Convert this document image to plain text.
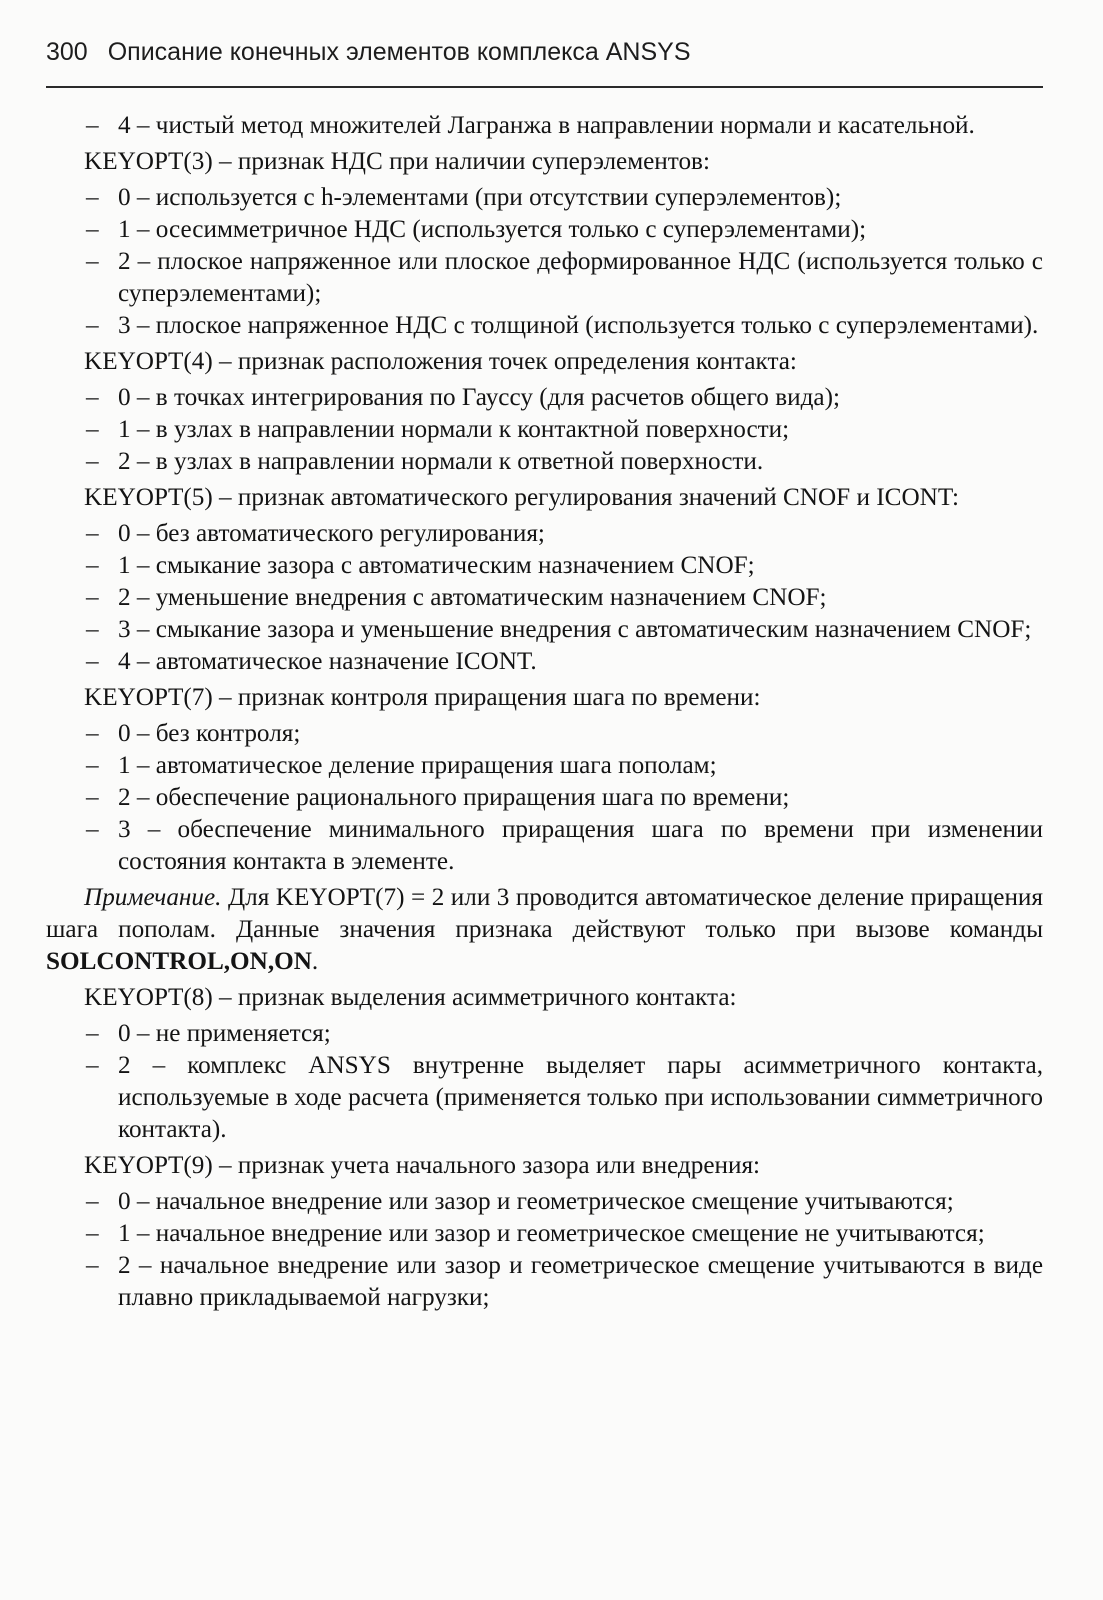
300 Описание конечных элементов комплекса ANSYS
– 4 – чистый метод множителей Лагранжа в направлении нормали и касательной.

KEYOPT(3) – признак НДС при наличии суперэлементов:

– 0 – используется с h-элементами (при отсутствии суперэлементов);
– 1 – осесимметричное НДС (используется только с суперэлементами);
– 2 – плоское напряженное или плоское деформированное НДС (используется только с суперэлементами);
– 3 – плоское напряженное НДС с толщиной (используется только с суперэлементами).

KEYOPT(4) – признак расположения точек определения контакта:

– 0 – в точках интегрирования по Гауссу (для расчетов общего вида);
– 1 – в узлах в направлении нормали к контактной поверхности;
– 2 – в узлах в направлении нормали к ответной поверхности.

KEYOPT(5) – признак автоматического регулирования значений CNOF и ICONT:

– 0 – без автоматического регулирования;
– 1 – смыкание зазора с автоматическим назначением CNOF;
– 2 – уменьшение внедрения с автоматическим назначением CNOF;
– 3 – смыкание зазора и уменьшение внедрения с автоматическим назначением CNOF;
– 4 – автоматическое назначение ICONT.

KEYOPT(7) – признак контроля приращения шага по времени:

– 0 – без контроля;
– 1 – автоматическое деление приращения шага пополам;
– 2 – обеспечение рационального приращения шага по времени;
– 3 – обеспечение минимального приращения шага по времени при изменении состояния контакта в элементе.

Примечание. Для KEYOPT(7) = 2 или 3 проводится автоматическое деление приращения шага пополам. Данные значения признака действуют только при вызове команды SOLCONTROL,ON,ON.

KEYOPT(8) – признак выделения асимметричного контакта:

– 0 – не применяется;
– 2 – комплекс ANSYS внутренне выделяет пары асимметричного контакта, используемые в ходе расчета (применяется только при использовании симметричного контакта).

KEYOPT(9) – признак учета начального зазора или внедрения:

– 0 – начальное внедрение или зазор и геометрическое смещение учитываются;
– 1 – начальное внедрение или зазор и геометрическое смещение не учитываются;
– 2 – начальное внедрение или зазор и геометрическое смещение учитываются в виде плавно прикладываемой нагрузки;
